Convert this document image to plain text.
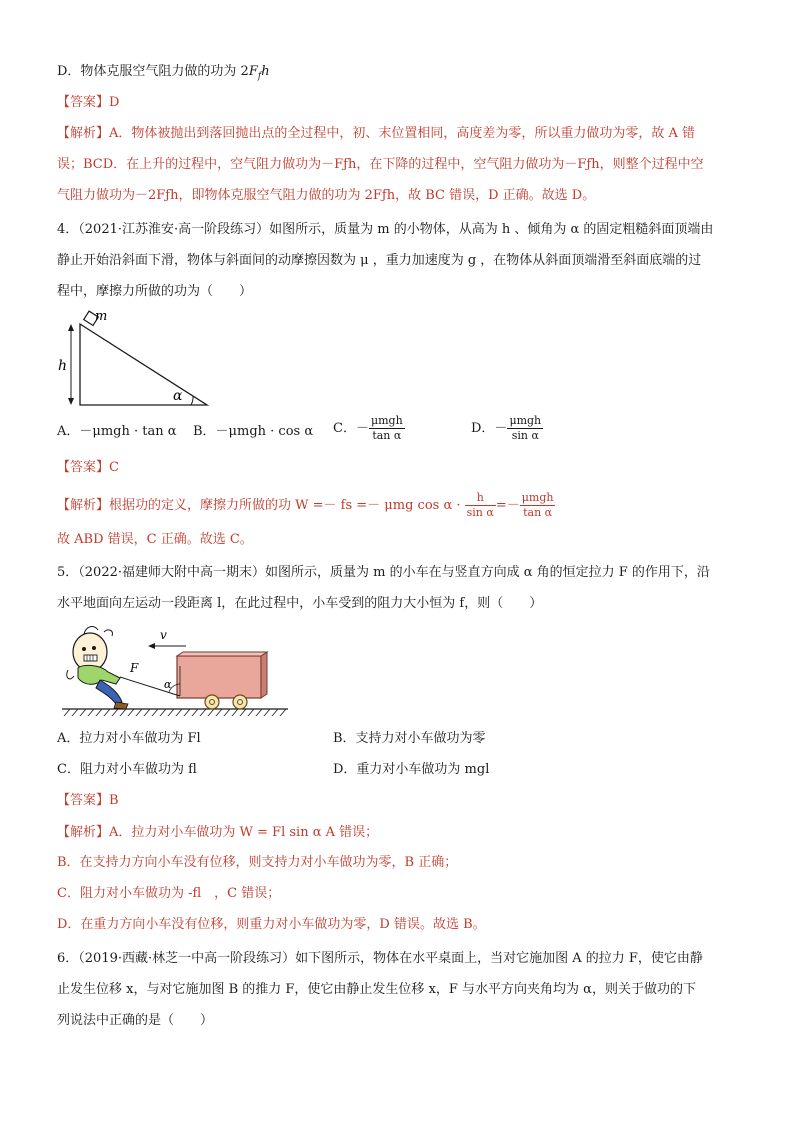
D．物体克服空气阻力做的功为 $2F_fh$
【答案】D
【解析】A．物体被抛出到落回抛出点的全过程中，初、末位置相同，高度差为零，所以重力做功为零，故 A 错
误；BCD．在上升的过程中，空气阻力做功为－Fƒh，在下降的过程中，空气阻力做功为－Fƒh，则整个过程中空
气阻力做功为－2Fƒh，即物体克服空气阻力做的功为 2Fƒh，故 BC 错误，D 正确。故选 D。
4．（2021·江苏淮安·高一阶段练习）如图所示，质量为 m 的小物体，从高为 h 、倾角为 α 的固定粗糙斜面顶端由
静止开始沿斜面下滑，物体与斜面间的动摩擦因数为 μ ，重力加速度为 g ，在物体从斜面顶端滑至斜面底端的过
程中，摩擦力所做的功为（　　）
m
h
α
A．－μmgh · tan α B．－μmgh · cos α C．－ $\frac{\text{μmgh}}{\text{tan α}}$	D．－ $\frac{\text{μmgh}}{\text{sin α}}$
【答案】C
【解析】根据功的定义，摩擦力所做的功 W =－ fs =－ μmg $\cos \alpha \cdot \frac{h}{\text{sin α}} =- \frac{\text{μmgh}}{\text{tan α}}$
故 ABD 错误，C 正确。故选 C。
5．（2022·福建师大附中高一期末）如图所示，质量为 m 的小车在与竖直方向成 α 角的恒定拉力 F 的作用下，沿
水平地面向左运动一段距离 l，在此过程中，小车受到的阻力大小恒为 f，则（　　）
v
F
α
A．拉力对小车做功为 Fl	B．支持力对小车做功为零
C．阻力对小车做功为 fl	D．重力对小车做功为 mgl
【答案】B
【解析】A．拉力对小车做功为 W = Fl sin α A 错误；
B．在支持力方向小车没有位移，则支持力对小车做功为零，B 正确；
C．阻力对小车做功为 -fl　，C 错误；
D．在重力方向小车没有位移，则重力对小车做功为零，D 错误。故选 B。
6．（2019·西藏·林芝一中高一阶段练习）如下图所示，物体在水平桌面上，当对它施加图 A 的拉力 F，使它由静
止发生位移 x，与对它施加图 B 的推力 F，使它由静止发生位移 x，F 与水平方向夹角均为 α，则关于做功的下
列说法中正确的是（　　）
